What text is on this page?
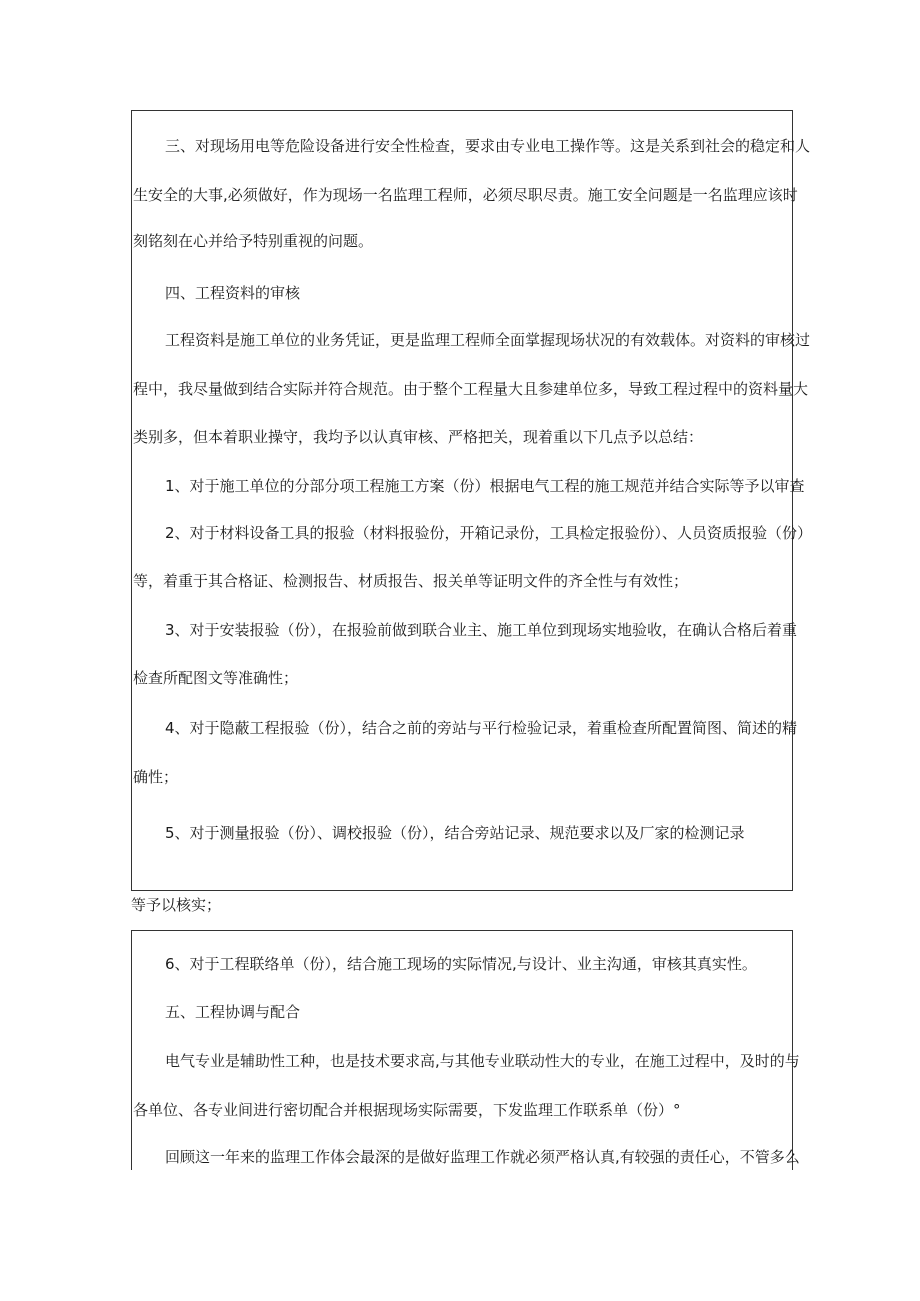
三、对现场用电等危险设备进行安全性检查，要求由专业电工操作等。这是关系到社会的稳定和人

生安全的大事,必须做好，作为现场一名监理工程师，必须尽职尽责。施工安全问题是一名监理应该时

刻铭刻在心并给予特别重视的问题。

四、工程资料的审核

工程资料是施工单位的业务凭证，更是监理工程师全面掌握现场状况的有效载体。对资料的审核过

程中，我尽量做到结合实际并符合规范。由于整个工程量大且参建单位多，导致工程过程中的资料量大

类别多，但本着职业操守，我均予以认真审核、严格把关，现着重以下几点予以总结：

1、对于施工单位的分部分项工程施工方案（份）根据电气工程的施工规范并结合实际等予以审查

2、对于材料设备工具的报验（材料报验份，开箱记录份，工具检定报验份）、人员资质报验（份）

等，着重于其合格证、检测报告、材质报告、报关单等证明文件的齐全性与有效性；

3、对于安装报验（份），在报验前做到联合业主、施工单位到现场实地验收，在确认合格后着重

检查所配图文等准确性；

4、对于隐蔽工程报验（份），结合之前的旁站与平行检验记录，着重检查所配置简图、简述的精

确性；

5、对于测量报验（份）、调校报验（份），结合旁站记录、规范要求以及厂家的检测记录

等予以核实；

6、对于工程联络单（份），结合施工现场的实际情况,与设计、业主沟通，审核其真实性。

五、工程协调与配合

电气专业是辅助性工种，也是技术要求高,与其他专业联动性大的专业，在施工过程中，及时的与

各单位、各专业间进行密切配合并根据现场实际需要，下发监理工作联系单（份）°

回顾这一年来的监理工作体会最深的是做好监理工作就必须严格认真,有较强的责任心，不管多么
